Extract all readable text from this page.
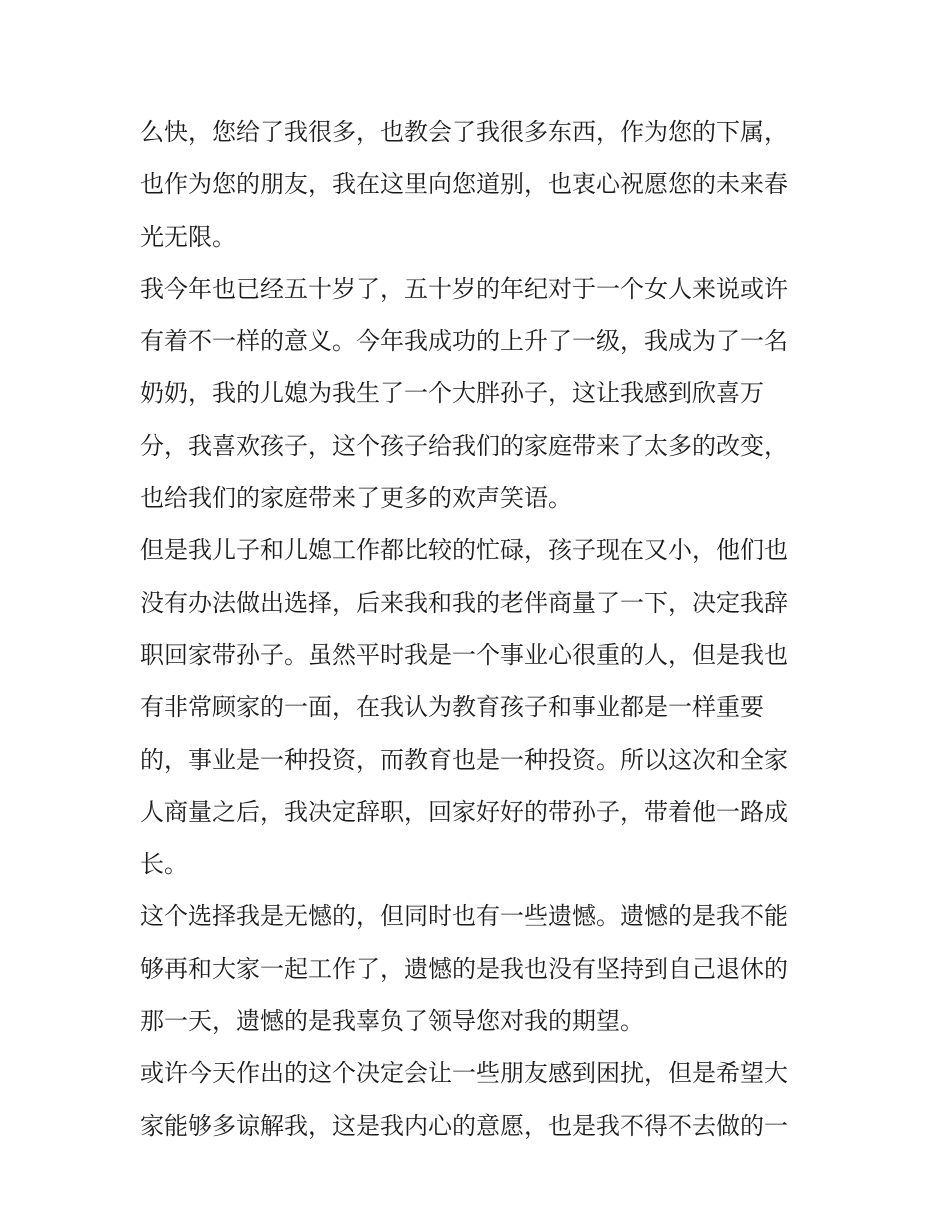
么快，您给了我很多，也教会了我很多东西，作为您的下属，
也作为您的朋友，我在这里向您道别，也衷心祝愿您的未来春
光无限。
我今年也已经五十岁了，五十岁的年纪对于一个女人来说或许
有着不一样的意义。今年我成功的上升了一级，我成为了一名
奶奶，我的儿媳为我生了一个大胖孙子，这让我感到欣喜万
分，我喜欢孩子，这个孩子给我们的家庭带来了太多的改变，
也给我们的家庭带来了更多的欢声笑语。
但是我儿子和儿媳工作都比较的忙碌，孩子现在又小，他们也
没有办法做出选择，后来我和我的老伴商量了一下，决定我辞
职回家带孙子。虽然平时我是一个事业心很重的人，但是我也
有非常顾家的一面，在我认为教育孩子和事业都是一样重要
的，事业是一种投资，而教育也是一种投资。所以这次和全家
人商量之后，我决定辞职，回家好好的带孙子，带着他一路成
长。
这个选择我是无憾的，但同时也有一些遗憾。遗憾的是我不能
够再和大家一起工作了，遗憾的是我也没有坚持到自己退休的
那一天，遗憾的是我辜负了领导您对我的期望。
或许今天作出的这个决定会让一些朋友感到困扰，但是希望大
家能够多谅解我，这是我内心的意愿，也是我不得不去做的一
